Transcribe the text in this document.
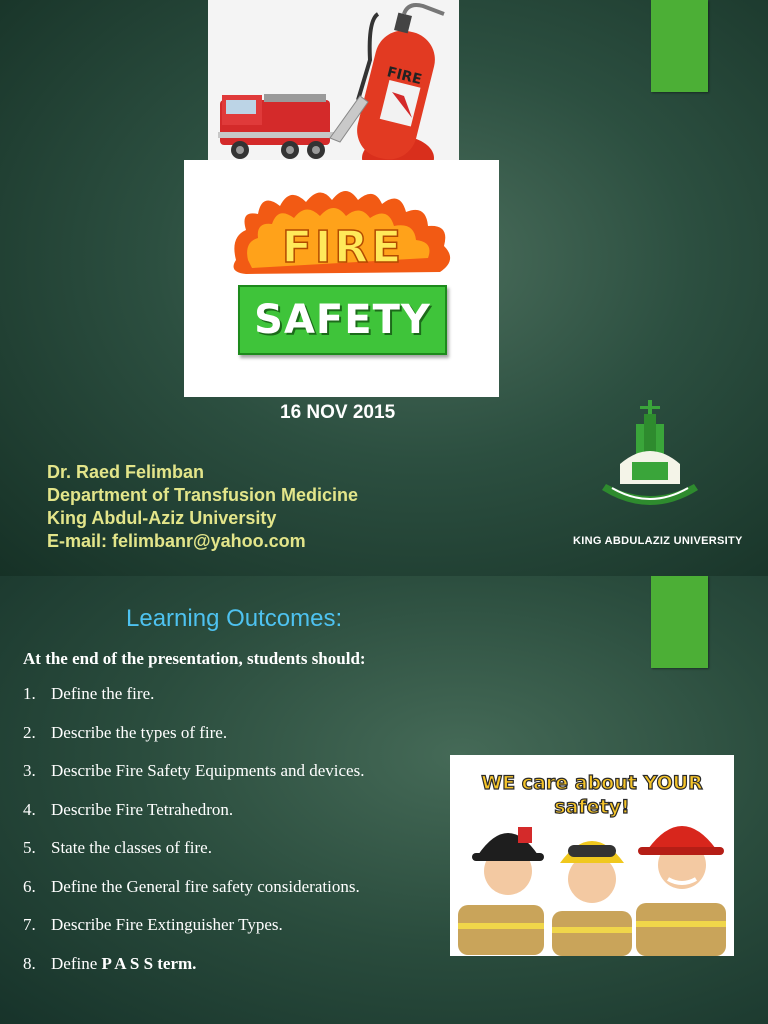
FIRE
FIRE
SAFETY
16 NOV 2015
Dr. Raed Felimban
Department of Transfusion Medicine
King Abdul-Aziz University
E-mail: felimbanr@yahoo.com	KING ABDULAZIZ UNIVERSITY
Learning Outcomes:
At the end of the presentation, students should:
1. Define the fire.
2. Describe the types of fire.
3. Describe Fire Safety Equipments and devices.
4. Describe Fire Tetrahedron.
5. State the classes of fire.
6. Define the General fire safety considerations.
7. Describe Fire Extinguisher Types.
8. Define P A S S term.
WE care about YOUR
safety!
